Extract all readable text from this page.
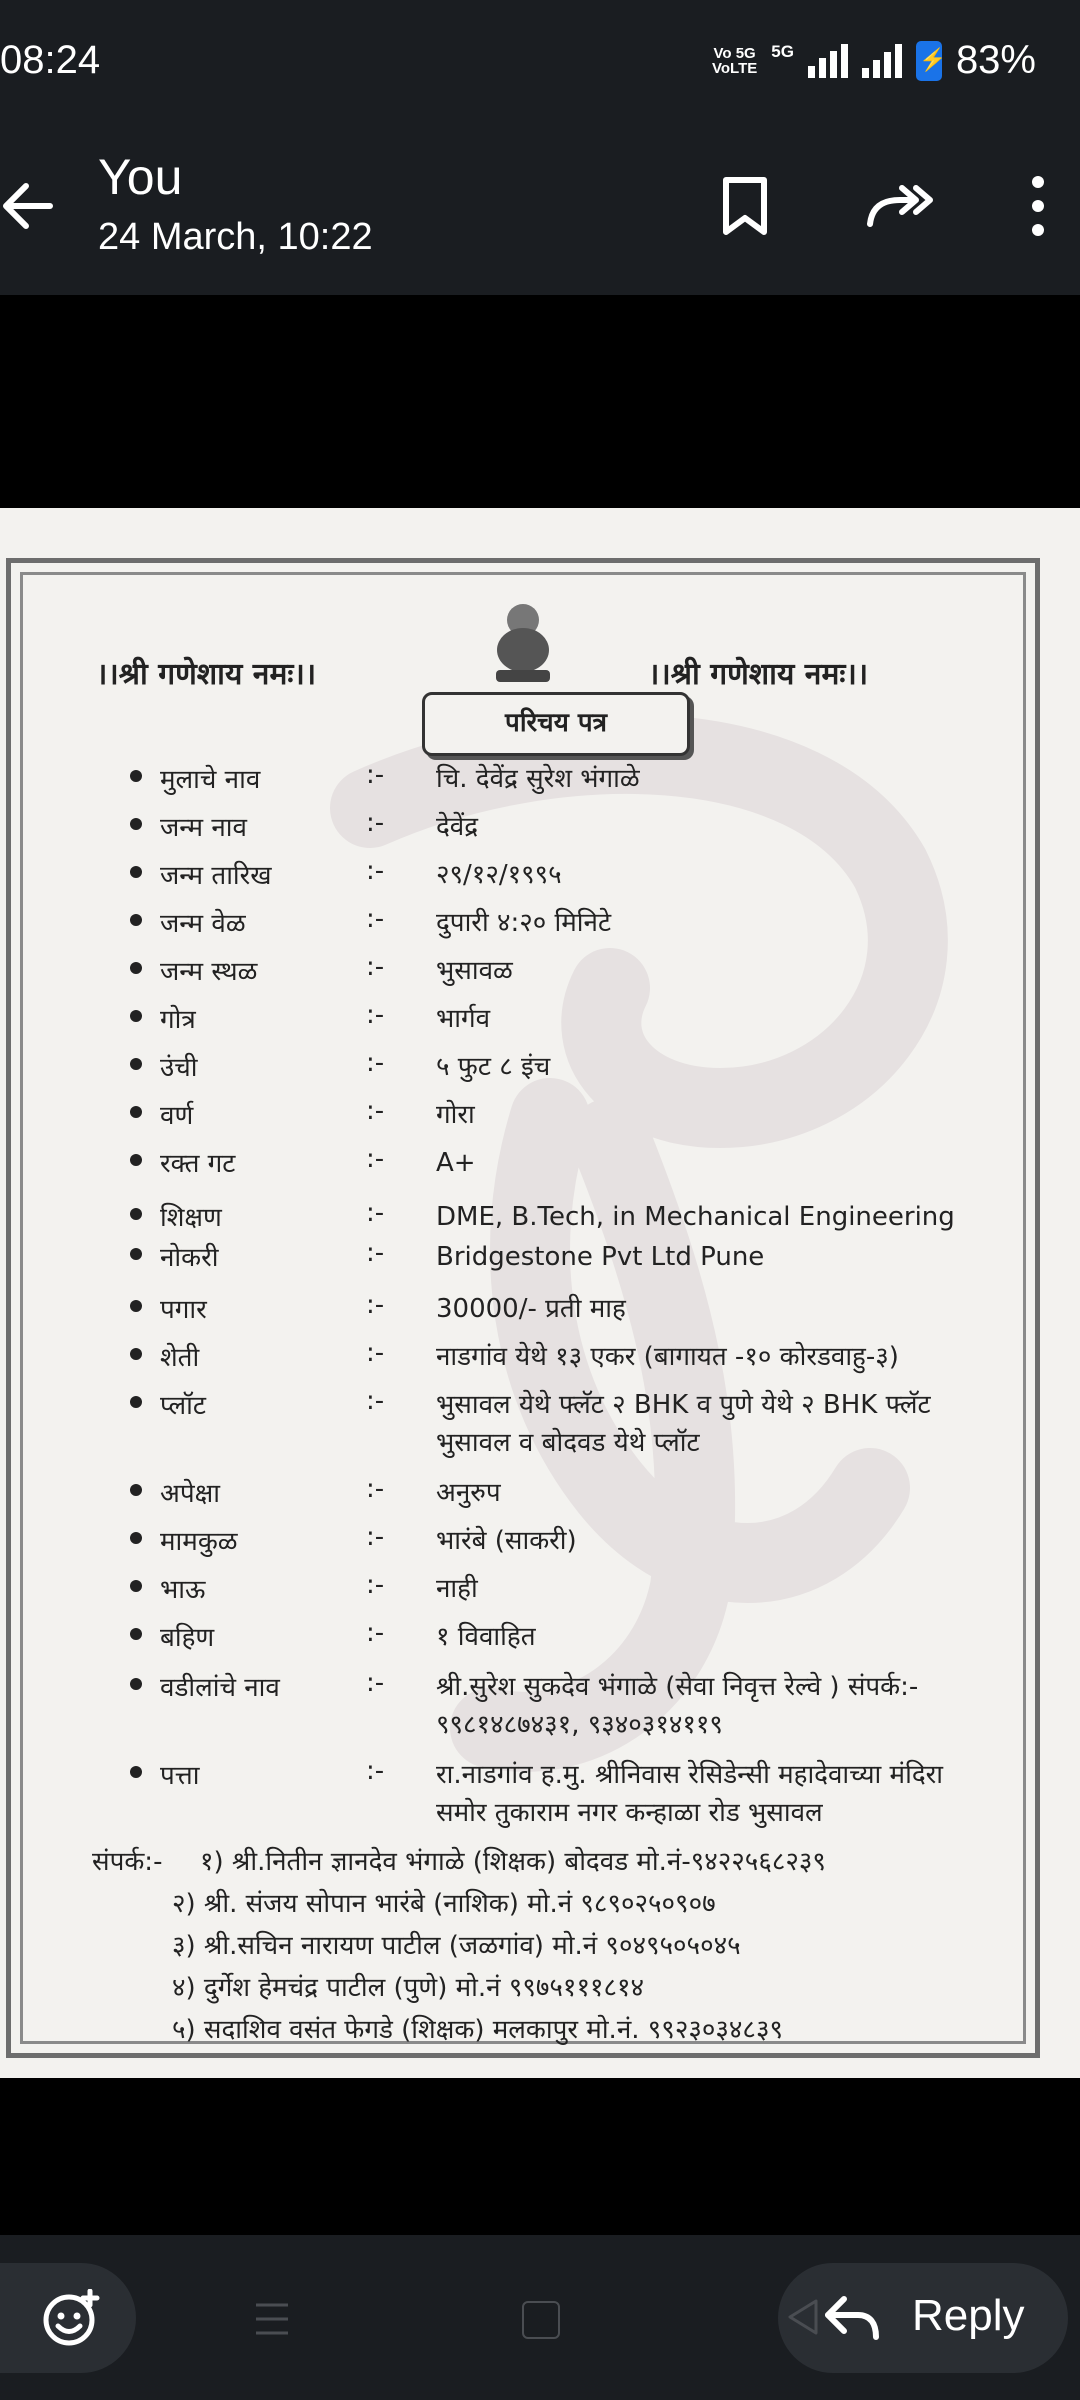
08:24	Vo 5G
VoLTE
5G
⚡	83%
You
24 March, 10:22
।।श्री गणेशाय नमः।।	।।श्री गणेशाय नमः।।
परिचय पत्र
मुलाचे नाव	:- चि. देवेंद्र सुरेश भंगाळे
जन्म नाव	:- देवेंद्र
जन्म तारिख	:- २९/१२/१९९५
जन्म वेळ	:- दुपारी ४:२० मिनिटे
जन्म स्थळ	:- भुसावळ
गोत्र	:- भार्गव
उंची	:- ५ फुट ८ इंच
वर्ण	:- गोरा
रक्त गट	:- A+
शिक्षण	:- DME, B.Tech, in Mechanical Engineering
नोकरी	:- Bridgestone Pvt Ltd Pune
पगार	:- 30000/- प्रती माह
शेती	:- नाडगांव येथे १३ एकर (बागायत -१० कोरडवाहु-३)
प्लॉट	:- भुसावल येथे फ्लॅट २ BHK व पुणे येथे २ BHK फ्लॅट भुसावल व बोदवड येथे प्लॉट
अपेक्षा	:- अनुरुप
मामकुळ	:- भारंबे (साकरी)
भाऊ	:- नाही
बहिण	:- १ विवाहित
वडीलांचे नाव	:- श्री.सुरेश सुकदेव भंगाळे (सेवा निवृत्त रेल्वे ) संपर्क:- ९९८१४८७४३१, ९३४०३१४११९
पत्ता	:- रा.नाडगांव ह.मु. श्रीनिवास रेसिडेन्सी महादेवाच्या मंदिरा समोर तुकाराम नगर कन्हाळा रोड भुसावल
संपर्क:- १) श्री.नितीन ज्ञानदेव भंगाळे (शिक्षक) बोदवड मो.नं-९४२२५६८२३९
२) श्री. संजय सोपान भारंबे (नाशिक) मो.नं ९८९०२५०९०७
३) श्री.सचिन नारायण पाटील (जळगांव) मो.नं ९०४९५०५०४५
४) दुर्गेश हेमचंद्र पाटील (पुणे) मो.नं ९९७५१११८१४
५) सदाशिव वसंत फेगडे (शिक्षक) मलकापुर मो.नं. ९९२३०३४८३९
Reply
